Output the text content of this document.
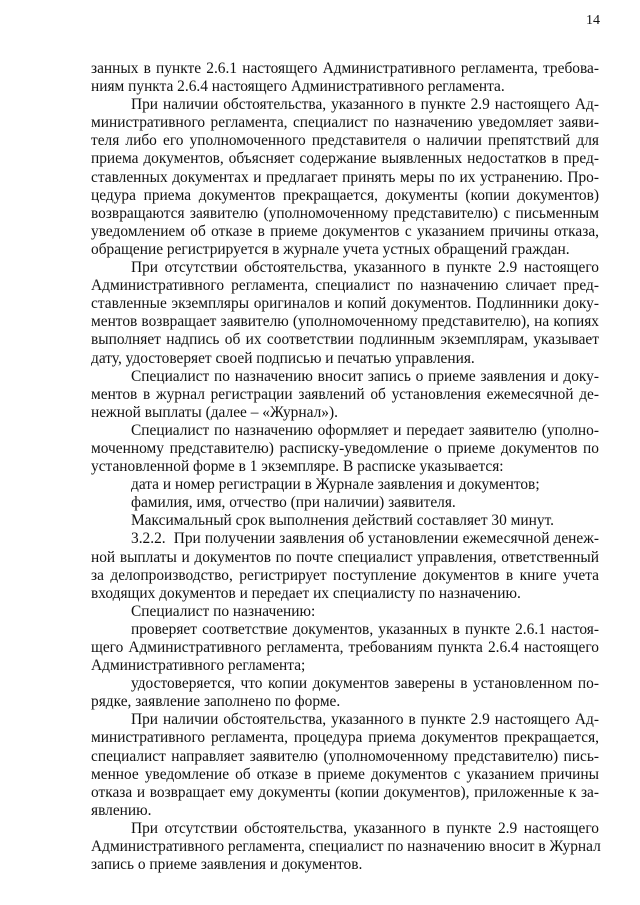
14
занных в пункте 2.6.1 настоящего Административного регламента, требова-
ниям пункта 2.6.4 настоящего Административного регламента.
При наличии обстоятельства, указанного в пункте 2.9 настоящего Ад-
министративного регламента, специалист по назначению уведомляет заяви-
теля либо его уполномоченного представителя о наличии препятствий для
приема документов, объясняет содержание выявленных недостатков в пред-
ставленных документах и предлагает принять меры по их устранению. Про-
цедура приема документов прекращается, документы (копии документов)
возвращаются заявителю (уполномоченному представителю) с письменным
уведомлением об отказе в приеме документов с указанием причины отказа,
обращение регистрируется в журнале учета устных обращений граждан.
При отсутствии обстоятельства, указанного в пункте 2.9 настоящего
Административного регламента, специалист по назначению сличает пред-
ставленные экземпляры оригиналов и копий документов. Подлинники доку-
ментов возвращает заявителю (уполномоченному представителю), на копиях
выполняет надпись об их соответствии подлинным экземплярам, указывает
дату, удостоверяет своей подписью и печатью управления.
Специалист по назначению вносит запись о приеме заявления и доку-
ментов в журнал регистрации заявлений об установления ежемесячной де-
нежной выплаты (далее – «Журнал»).
Специалист по назначению оформляет и передает заявителю (уполно-
моченному представителю) расписку-уведомление о приеме документов по
установленной форме в 1 экземпляре. В расписке указывается:
дата и номер регистрации в Журнале заявления и документов;
фамилия, имя, отчество (при наличии) заявителя.
Максимальный срок выполнения действий составляет 30 минут.
3.2.2.  При получении заявления об установлении ежемесячной денеж-
ной выплаты и документов по почте специалист управления, ответственный
за делопроизводство, регистрирует поступление документов в книге учета
входящих документов и передает их специалисту по назначению.
Специалист по назначению:
проверяет соответствие документов, указанных в пункте 2.6.1 настоя-
щего Административного регламента, требованиям пункта 2.6.4 настоящего
Административного регламента;
удостоверяется, что копии документов заверены в установленном по-
рядке, заявление заполнено по форме.
При наличии обстоятельства, указанного в пункте 2.9 настоящего Ад-
министративного регламента, процедура приема документов прекращается,
специалист направляет заявителю (уполномоченному представителю) пись-
менное уведомление об отказе в приеме документов с указанием причины
отказа и возвращает ему документы (копии документов), приложенные к за-
явлению.
При отсутствии обстоятельства, указанного в пункте 2.9 настоящего
Административного регламента, специалист по назначению вносит в Журнал
запись о приеме заявления и документов.
